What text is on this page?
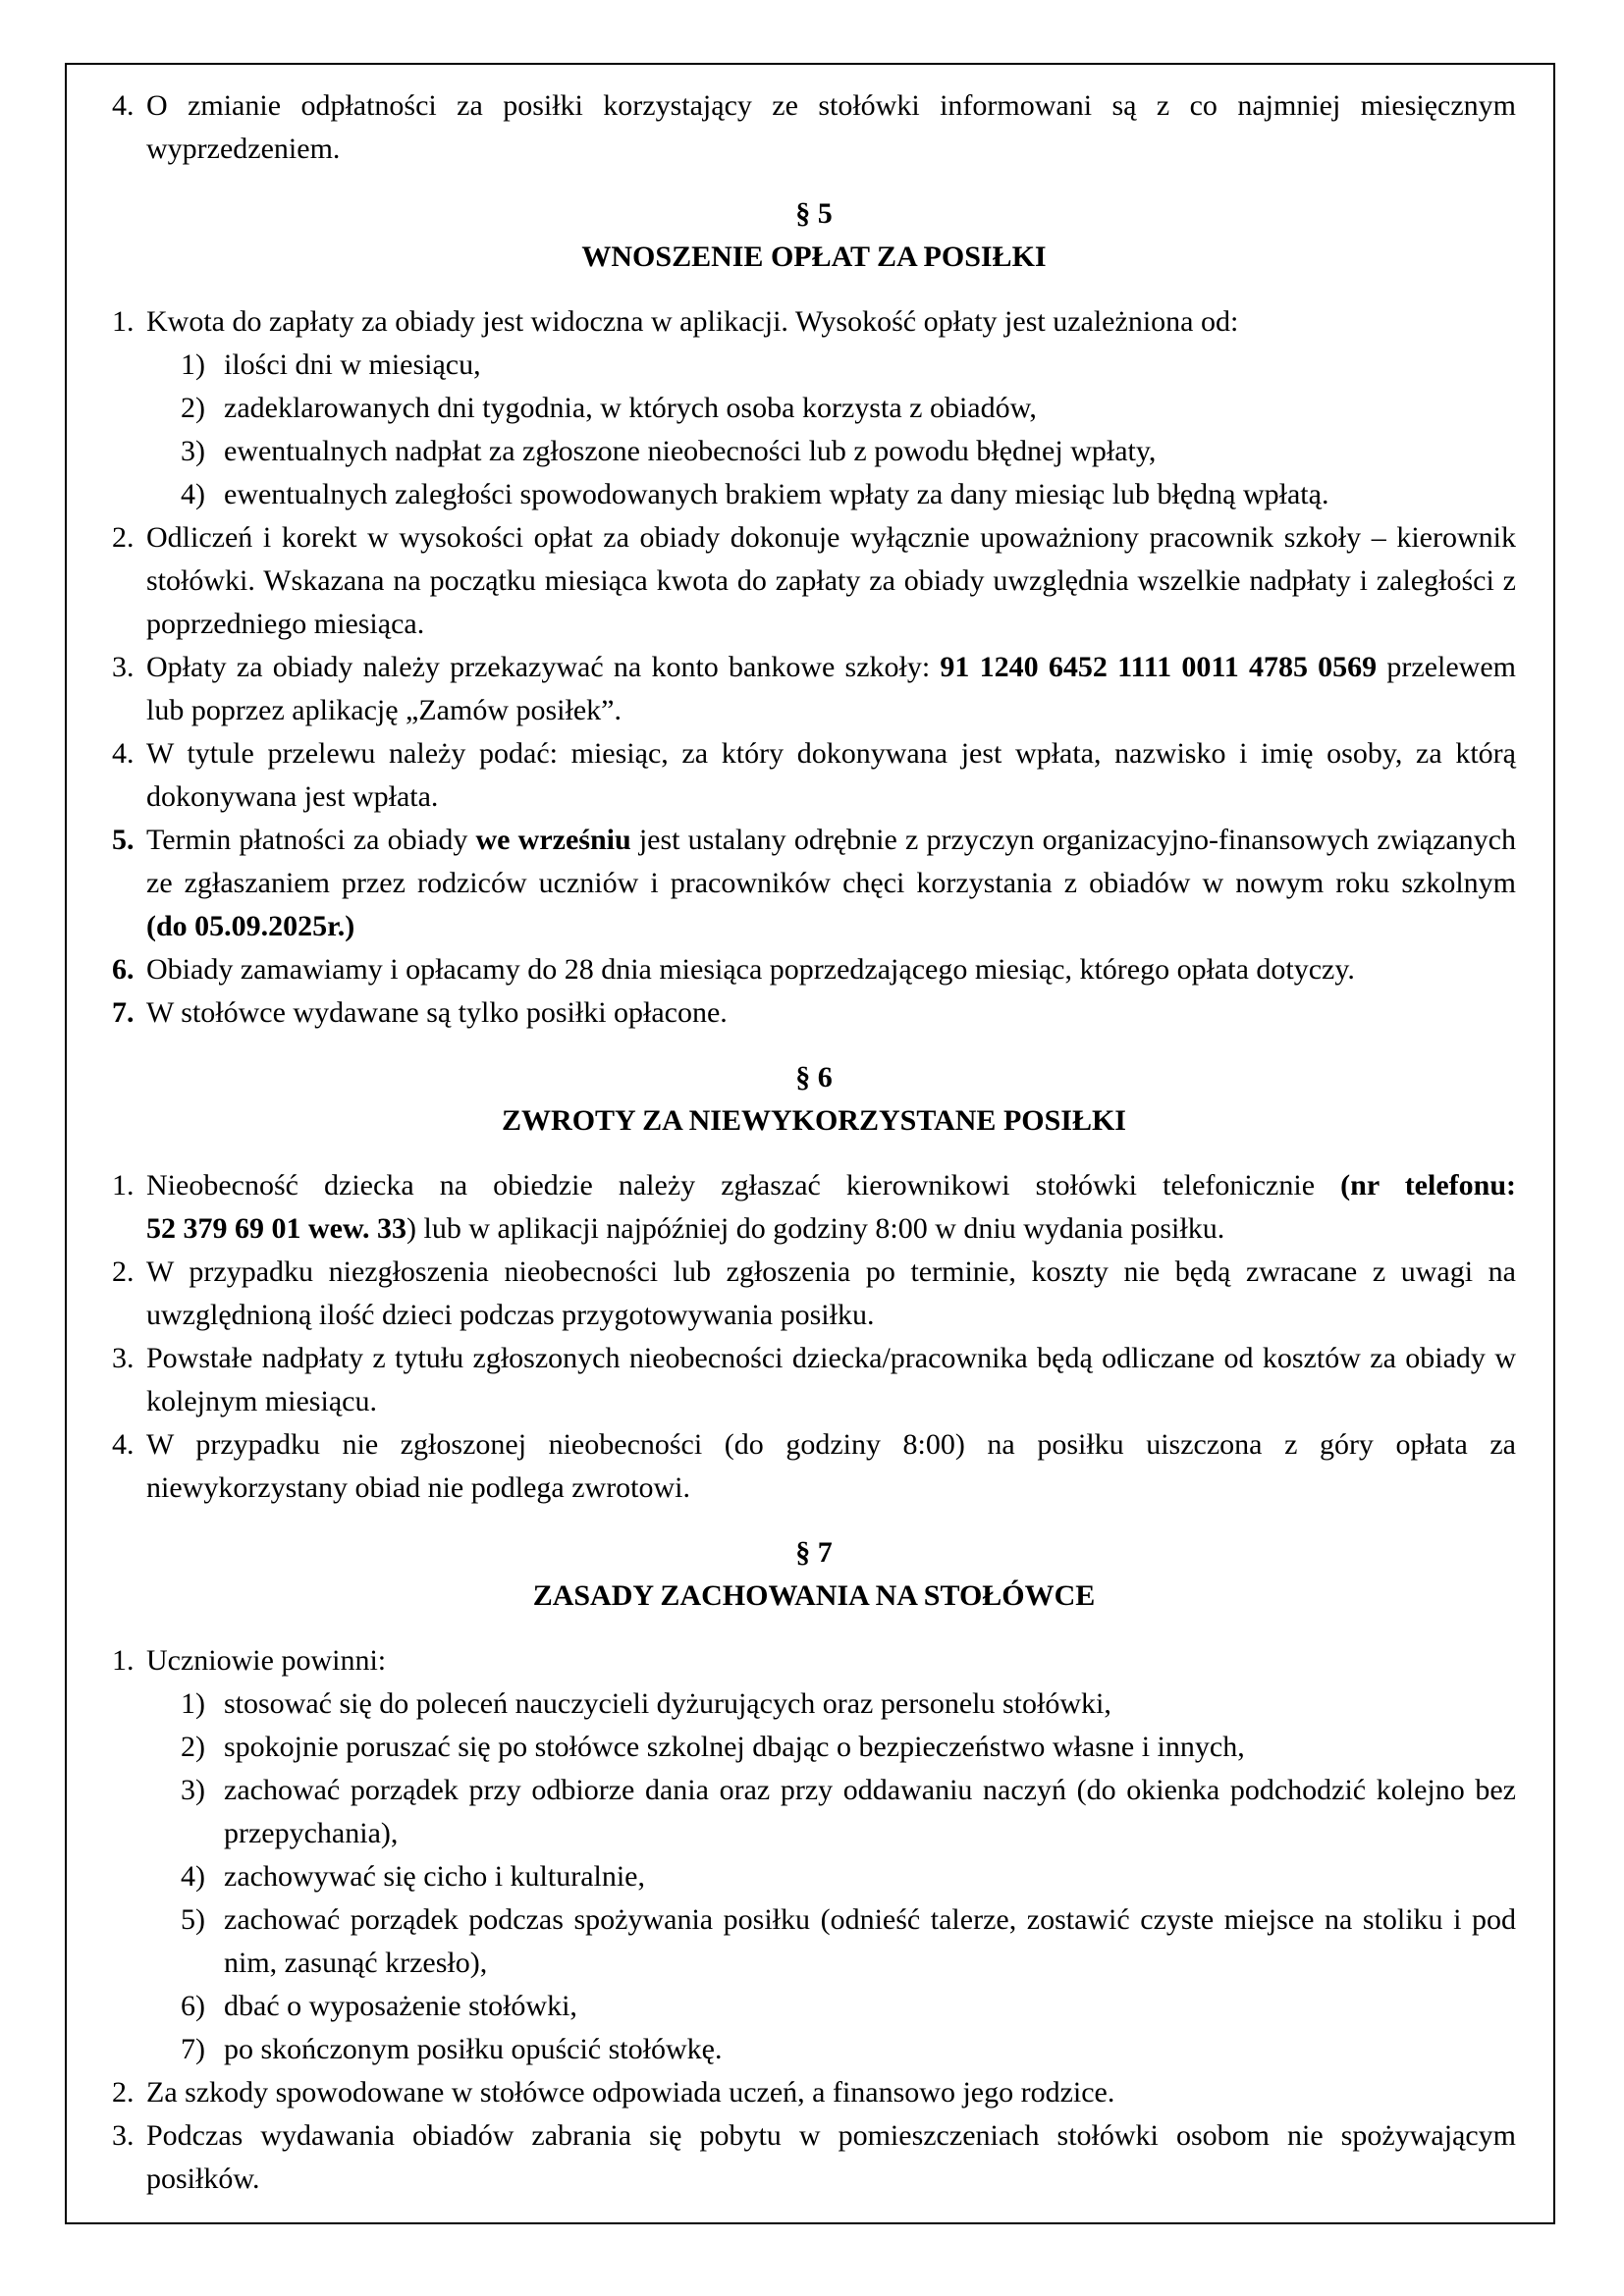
4. O zmianie odpłatności za posiłki korzystający ze stołówki informowani są z co najmniej miesięcznym wyprzedzeniem.
§ 5
WNOSZENIE OPŁAT ZA POSIŁKI
1. Kwota do zapłaty za obiady jest widoczna w aplikacji. Wysokość opłaty jest uzależniona od:
1) ilości dni w miesiącu,
2) zadeklarowanych dni tygodnia, w których osoba korzysta z obiadów,
3) ewentualnych nadpłat za zgłoszone nieobecności lub z powodu błędnej wpłaty,
4) ewentualnych zaległości spowodowanych brakiem wpłaty za dany miesiąc lub błędną wpłatą.
2. Odliczeń i korekt w wysokości opłat za obiady dokonuje wyłącznie upoważniony pracownik szkoły – kierownik stołówki. Wskazana na początku miesiąca kwota do zapłaty za obiady uwzględnia wszelkie nadpłaty i zaległości z poprzedniego miesiąca.
3. Opłaty za obiady należy przekazywać na konto bankowe szkoły: 91 1240 6452 1111 0011 4785 0569 przelewem lub poprzez aplikację „Zamów posiłek”.
4. W tytule przelewu należy podać: miesiąc, za który dokonywana jest wpłata, nazwisko i imię osoby, za którą dokonywana jest wpłata.
5. Termin płatności za obiady we wrześniu jest ustalany odrębnie z przyczyn organizacyjno-finansowych związanych ze zgłaszaniem przez rodziców uczniów i pracowników chęci korzystania z obiadów w nowym roku szkolnym (do 05.09.2025r.)
6. Obiady zamawiamy i opłacamy do 28 dnia miesiąca poprzedzającego miesiąc, którego opłata dotyczy.
7. W stołówce wydawane są tylko posiłki opłacone.
§ 6
ZWROTY ZA NIEWYKORZYSTANE POSIŁKI
1. Nieobecność dziecka na obiedzie należy zgłaszać kierownikowi stołówki telefonicznie (nr telefonu: 52 379 69 01 wew. 33) lub w aplikacji najpóźniej do godziny 8:00 w dniu wydania posiłku.
2. W przypadku niezgłoszenia nieobecności lub zgłoszenia po terminie, koszty nie będą zwracane z uwagi na uwzględnioną ilość dzieci podczas przygotowywania posiłku.
3. Powstałe nadpłaty z tytułu zgłoszonych nieobecności dziecka/pracownika będą odliczane od kosztów za obiady w kolejnym miesiącu.
4. W przypadku nie zgłoszonej nieobecności (do godziny 8:00) na posiłku uiszczona z góry opłata za niewykorzystany obiad nie podlega zwrotowi.
§ 7
ZASADY ZACHOWANIA NA STOŁÓWCE
1. Uczniowie powinni:
1) stosować się do poleceń nauczycieli dyżurujących oraz personelu stołówki,
2) spokojnie poruszać się po stołówce szkolnej dbając o bezpieczeństwo własne i innych,
3) zachować porządek przy odbiorze dania oraz przy oddawaniu naczyń (do okienka podchodzić kolejno bez przepychania),
4) zachowywać się cicho i kulturalnie,
5) zachować porządek podczas spożywania posiłku (odnieść talerze, zostawić czyste miejsce na stoliku i pod nim, zasunąć krzesło),
6) dbać o wyposażenie stołówki,
7) po skończonym posiłku opuścić stołówkę.
2. Za szkody spowodowane w stołówce odpowiada uczeń, a finansowo jego rodzice.
3. Podczas wydawania obiadów zabrania się pobytu w pomieszczeniach stołówki osobom nie spożywającym posiłków.
